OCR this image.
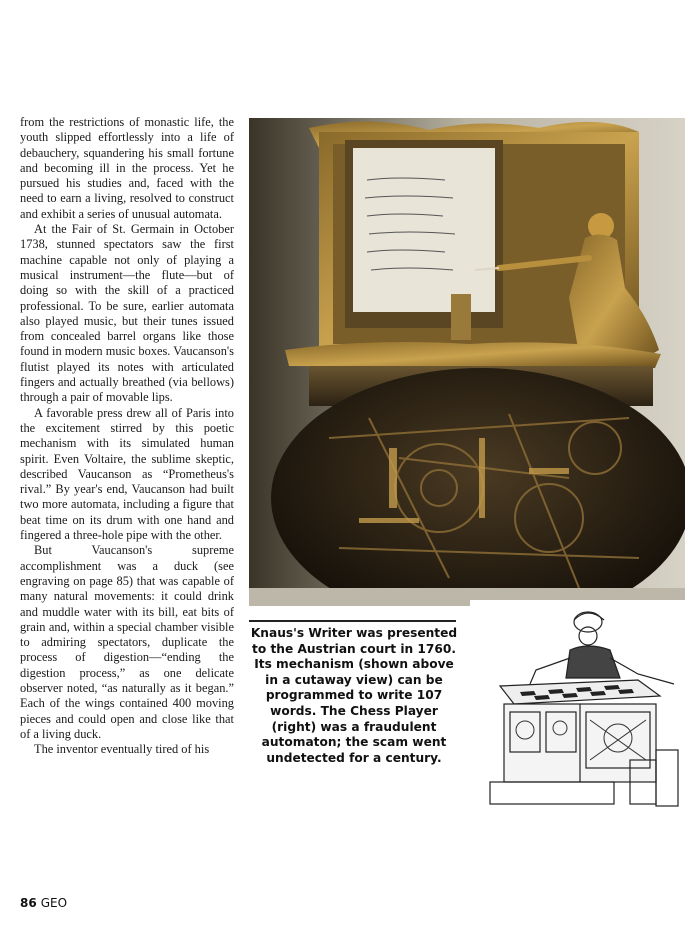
from the restrictions of monastic life, the youth slipped effortlessly into a life of debauchery, squandering his small fortune and becoming ill in the process. Yet he pursued his studies and, faced with the need to earn a living, resolved to construct and exhibit a series of unusual automata.

At the Fair of St. Germain in October 1738, stunned spectators saw the first machine capable not only of playing a musical instrument—the flute—but of doing so with the skill of a practiced professional. To be sure, earlier automata also played music, but their tunes issued from concealed barrel organs like those found in modern music boxes. Vaucanson's flutist played its notes with articulated fingers and actually breathed (via bellows) through a pair of movable lips.

A favorable press drew all of Paris into the excitement stirred by this poetic mechanism with its simulated human spirit. Even Voltaire, the sublime skeptic, described Vaucanson as “Prometheus's rival.” By year's end, Vaucanson had built two more automata, including a figure that beat time on its drum with one hand and fingered a three-hole pipe with the other.

But Vaucanson's supreme accomplishment was a duck (see engraving on page 85) that was capable of many natural movements: it could drink and muddle water with its bill, eat bits of grain and, within a special chamber visible to admiring spectators, duplicate the process of digestion—“ending the digestion process,” as one delicate observer noted, “as naturally as it began.” Each of the wings contained 400 moving pieces and could open and close like that of a living duck.

The inventor eventually tired of his

Knaus's Writer was presented to the Austrian court in 1760. Its mechanism (shown above in a cutaway view) can be programmed to write 107 words. The Chess Player (right) was a fraudulent automaton; the scam went undetected for a century.
86 GEO
